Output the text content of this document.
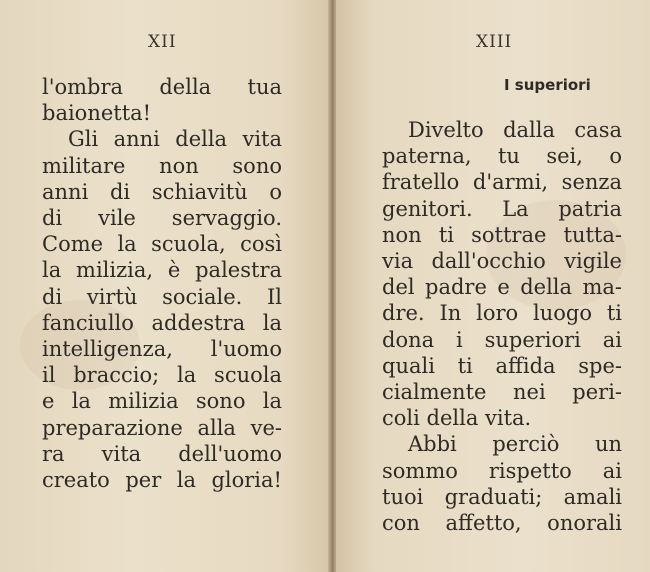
XII
l'ombra della tua
baionetta!
Gli anni della vita
militare non sono
anni di schiavitù o
di vile servaggio.
Come la scuola, così
la milizia, è palestra
di virtù sociale. Il
fanciullo addestra la
intelligenza, l'uomo
il braccio; la scuola
e la milizia sono la
preparazione alla ve-
ra vita dell'uomo
creato per la gloria!
XIII
I superiori
Divelto dalla casa
paterna, tu sei, o
fratello d'armi, senza
genitori. La patria
non ti sottrae tutta-
via dall'occhio vigile
del padre e della ma-
dre. In loro luogo ti
dona i superiori ai
quali ti affida spe-
cialmente nei peri-
coli della vita.
Abbi perciò un
sommo rispetto ai
tuoi graduati; amali
con affetto, onorali
